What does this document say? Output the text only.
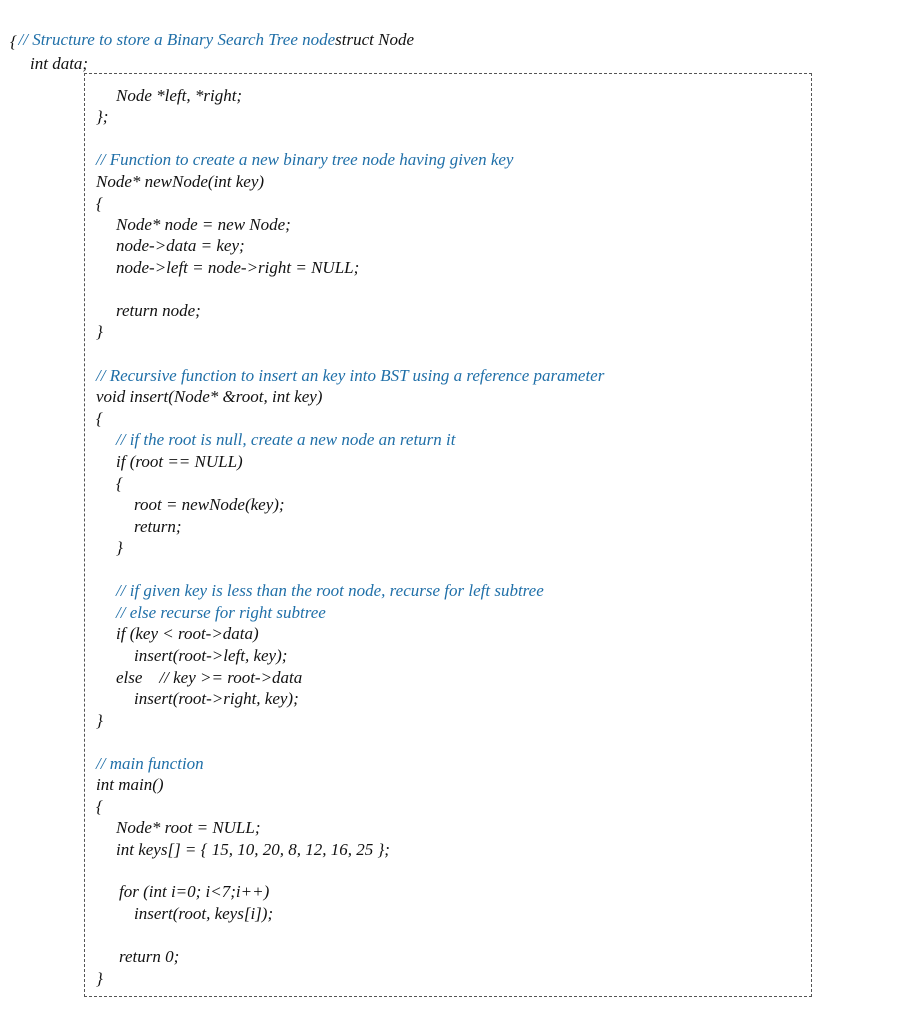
// Structure to store a Binary Search Tree nodestruct Node

{
int data;
Node *left, *right;
};
// Function to create a new binary tree node having given key
Node* newNode(int key)
{
Node* node = new Node;
node->data = key;
node->left = node->right = NULL;
return node;
}
// Recursive function to insert an key into BST using a reference parameter
void insert(Node* &root, int key)
{
// if the root is null, create a new node an return it
if (root == NULL)
{
root = newNode(key);
return;
}
// if given key is less than the root node, recurse for left subtree
// else recurse for right subtree
if (key < root->data)
insert(root->left, key);
else    // key >= root->data
insert(root->right, key);
}
// main function
int main()
{
Node* root = NULL;
int keys[] = { 15, 10, 20, 8, 12, 16, 25 };
for (int i=0; i<7;i++)
insert(root, keys[i]);
return 0;
}
